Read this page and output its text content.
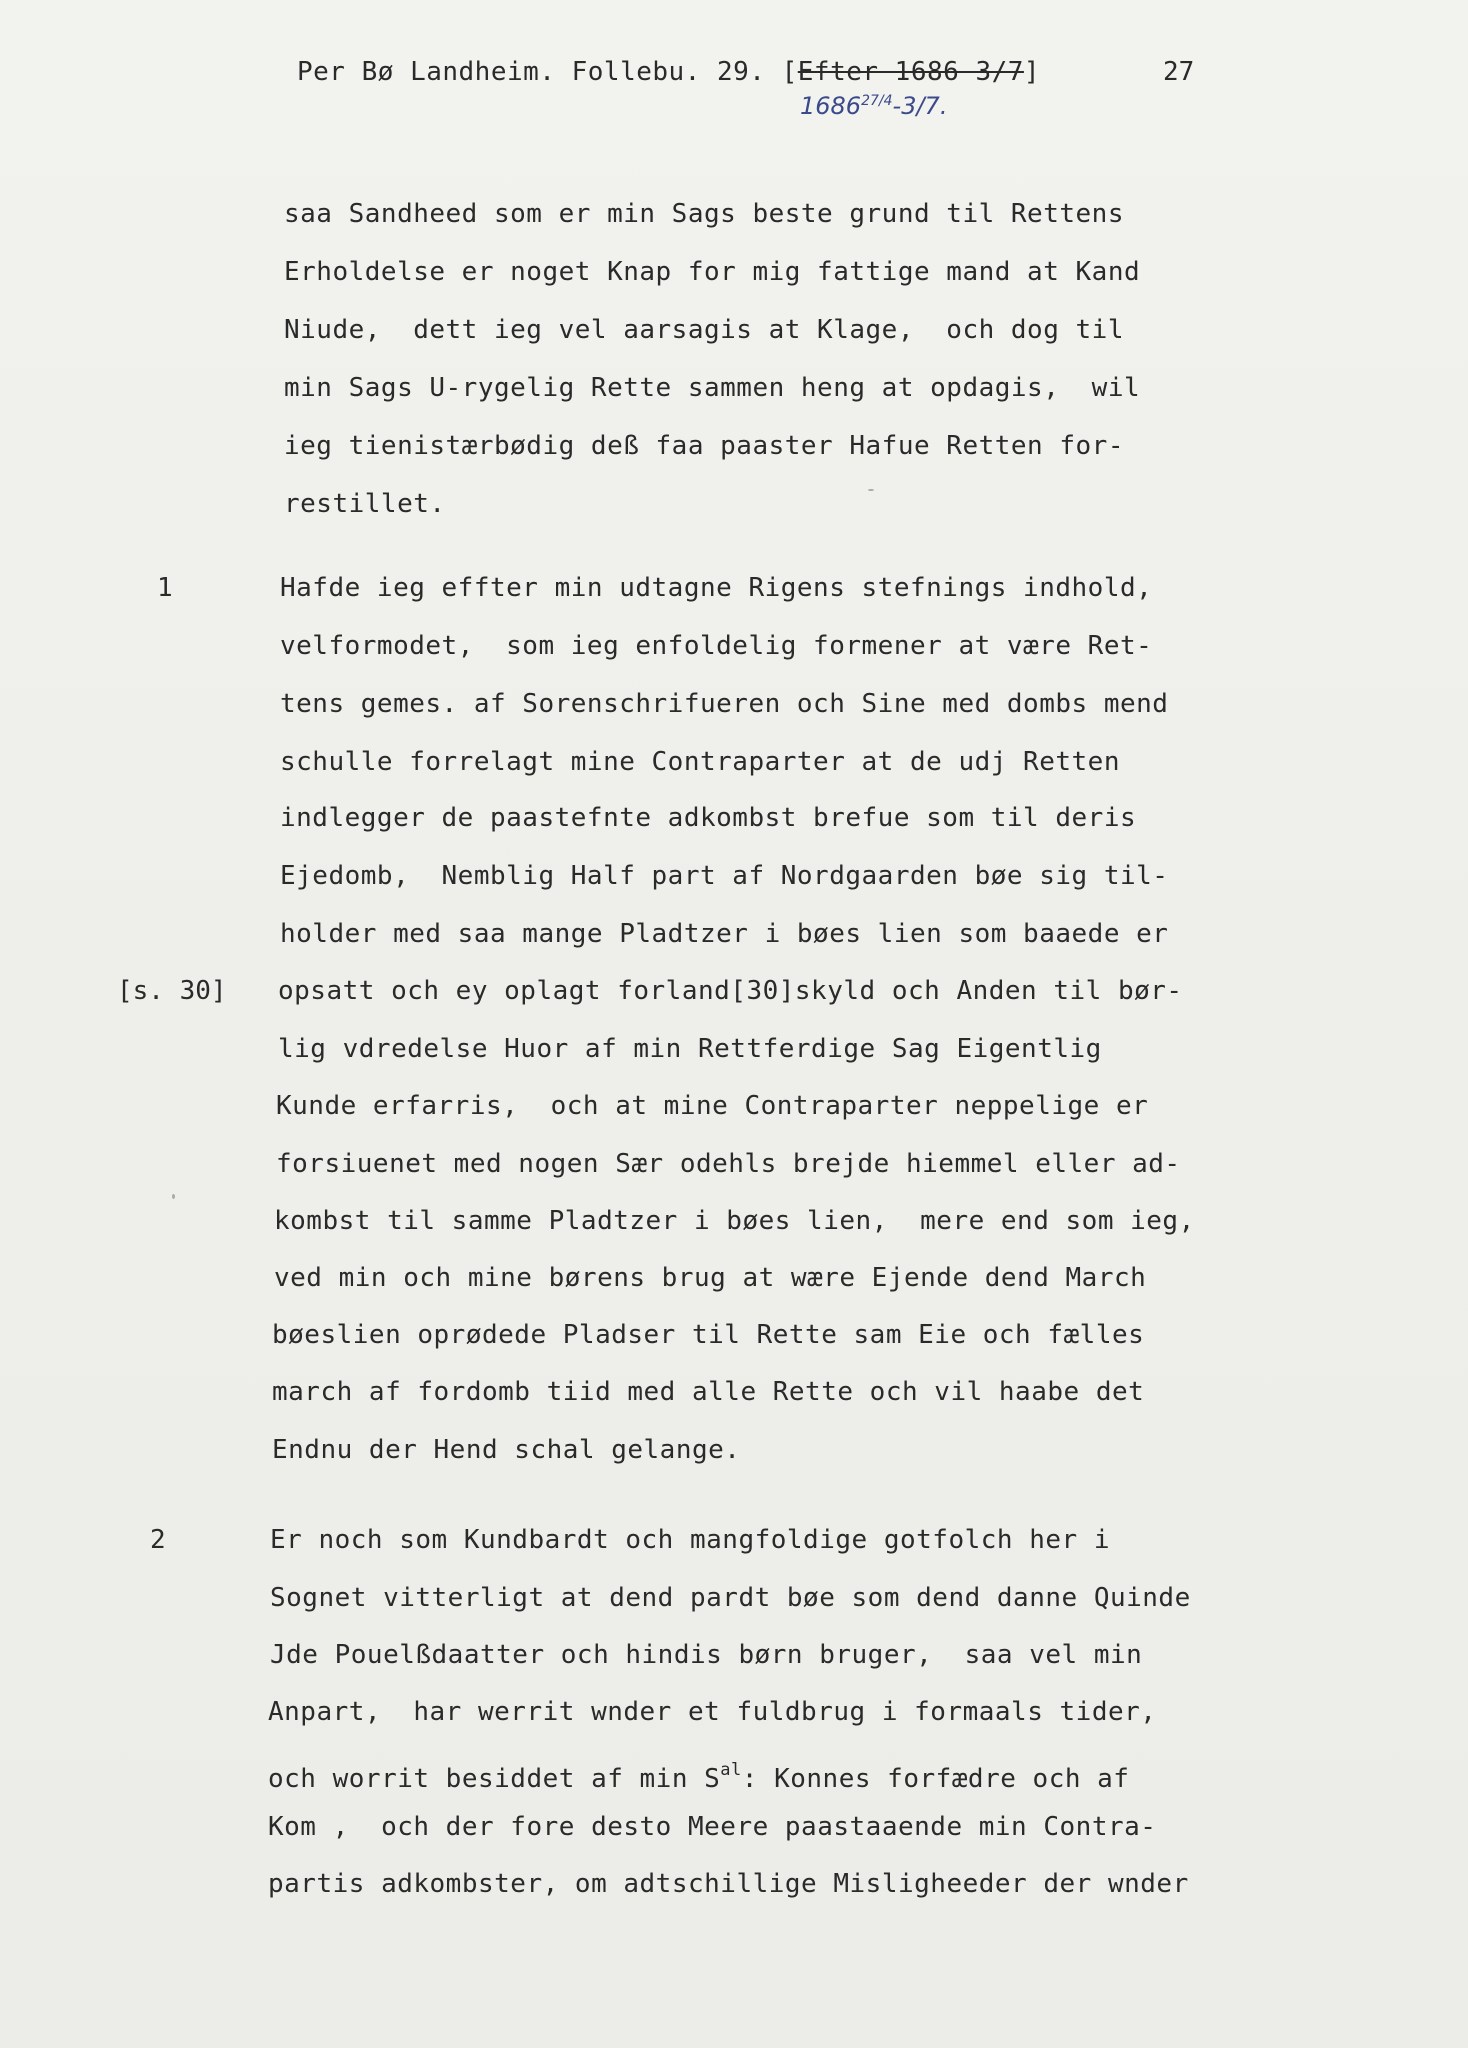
Per Bø Landheim. Follebu. 29. [Efter 1686 3/7]	27
$1686^{27/4}-3/7$.
1
[s. 30]
2
saa Sandheed som er min Sags beste grund til Rettens
Erholdelse er noget Knap for mig fattige mand at Kand
Niude,  dett ieg vel aarsagis at Klage,  och dog til
min Sags U-rygelig Rette sammen heng at opdagis,  wil
ieg tienistærbødig deß faa paaster Hafue Retten for-
restillet.
Hafde ieg effter min udtagne Rigens stefnings indhold,
velformodet,  som ieg enfoldelig formener at være Ret-
tens gemes. af Sorenschrifueren och Sine med dombs mend
schulle forrelagt mine Contraparter at de udj Retten
indlegger de paastefnte adkombst brefue som til deris
Ejedomb,  Nemblig Half part af Nordgaarden bøe sig til-
holder med saa mange Pladtzer i bøes lien som baaede er
opsatt och ey oplagt forland[30]skyld och Anden til bør-
lig vdredelse Huor af min Rettferdige Sag Eigentlig
Kunde erfarris,  och at mine Contraparter neppelige er
forsiuenet med nogen Sær odehls brejde hiemmel eller ad-
kombst til samme Pladtzer i bøes lien,  mere end som ieg,
ved min och mine børens brug at wære Ejende dend March
bøeslien oprødede Pladser til Rette sam Eie och fælles
march af fordomb tiid med alle Rette och vil haabe det
Endnu der Hend schal gelange.
Er noch som Kundbardt och mangfoldige gotfolch her i
Sognet vitterligt at dend pardt bøe som dend danne Quinde
Jde Pouelßdaatter och hindis børn bruger,  saa vel min
Anpart,  har werrit wnder et fuldbrug i formaals tider,
och worrit besiddet af $\min S^{al}$: Konnes forfædre och af
Kom ,  och der fore desto Meere paastaaende min Contra-
partis adkombster, om adtschillige Misligheeder der wnder
